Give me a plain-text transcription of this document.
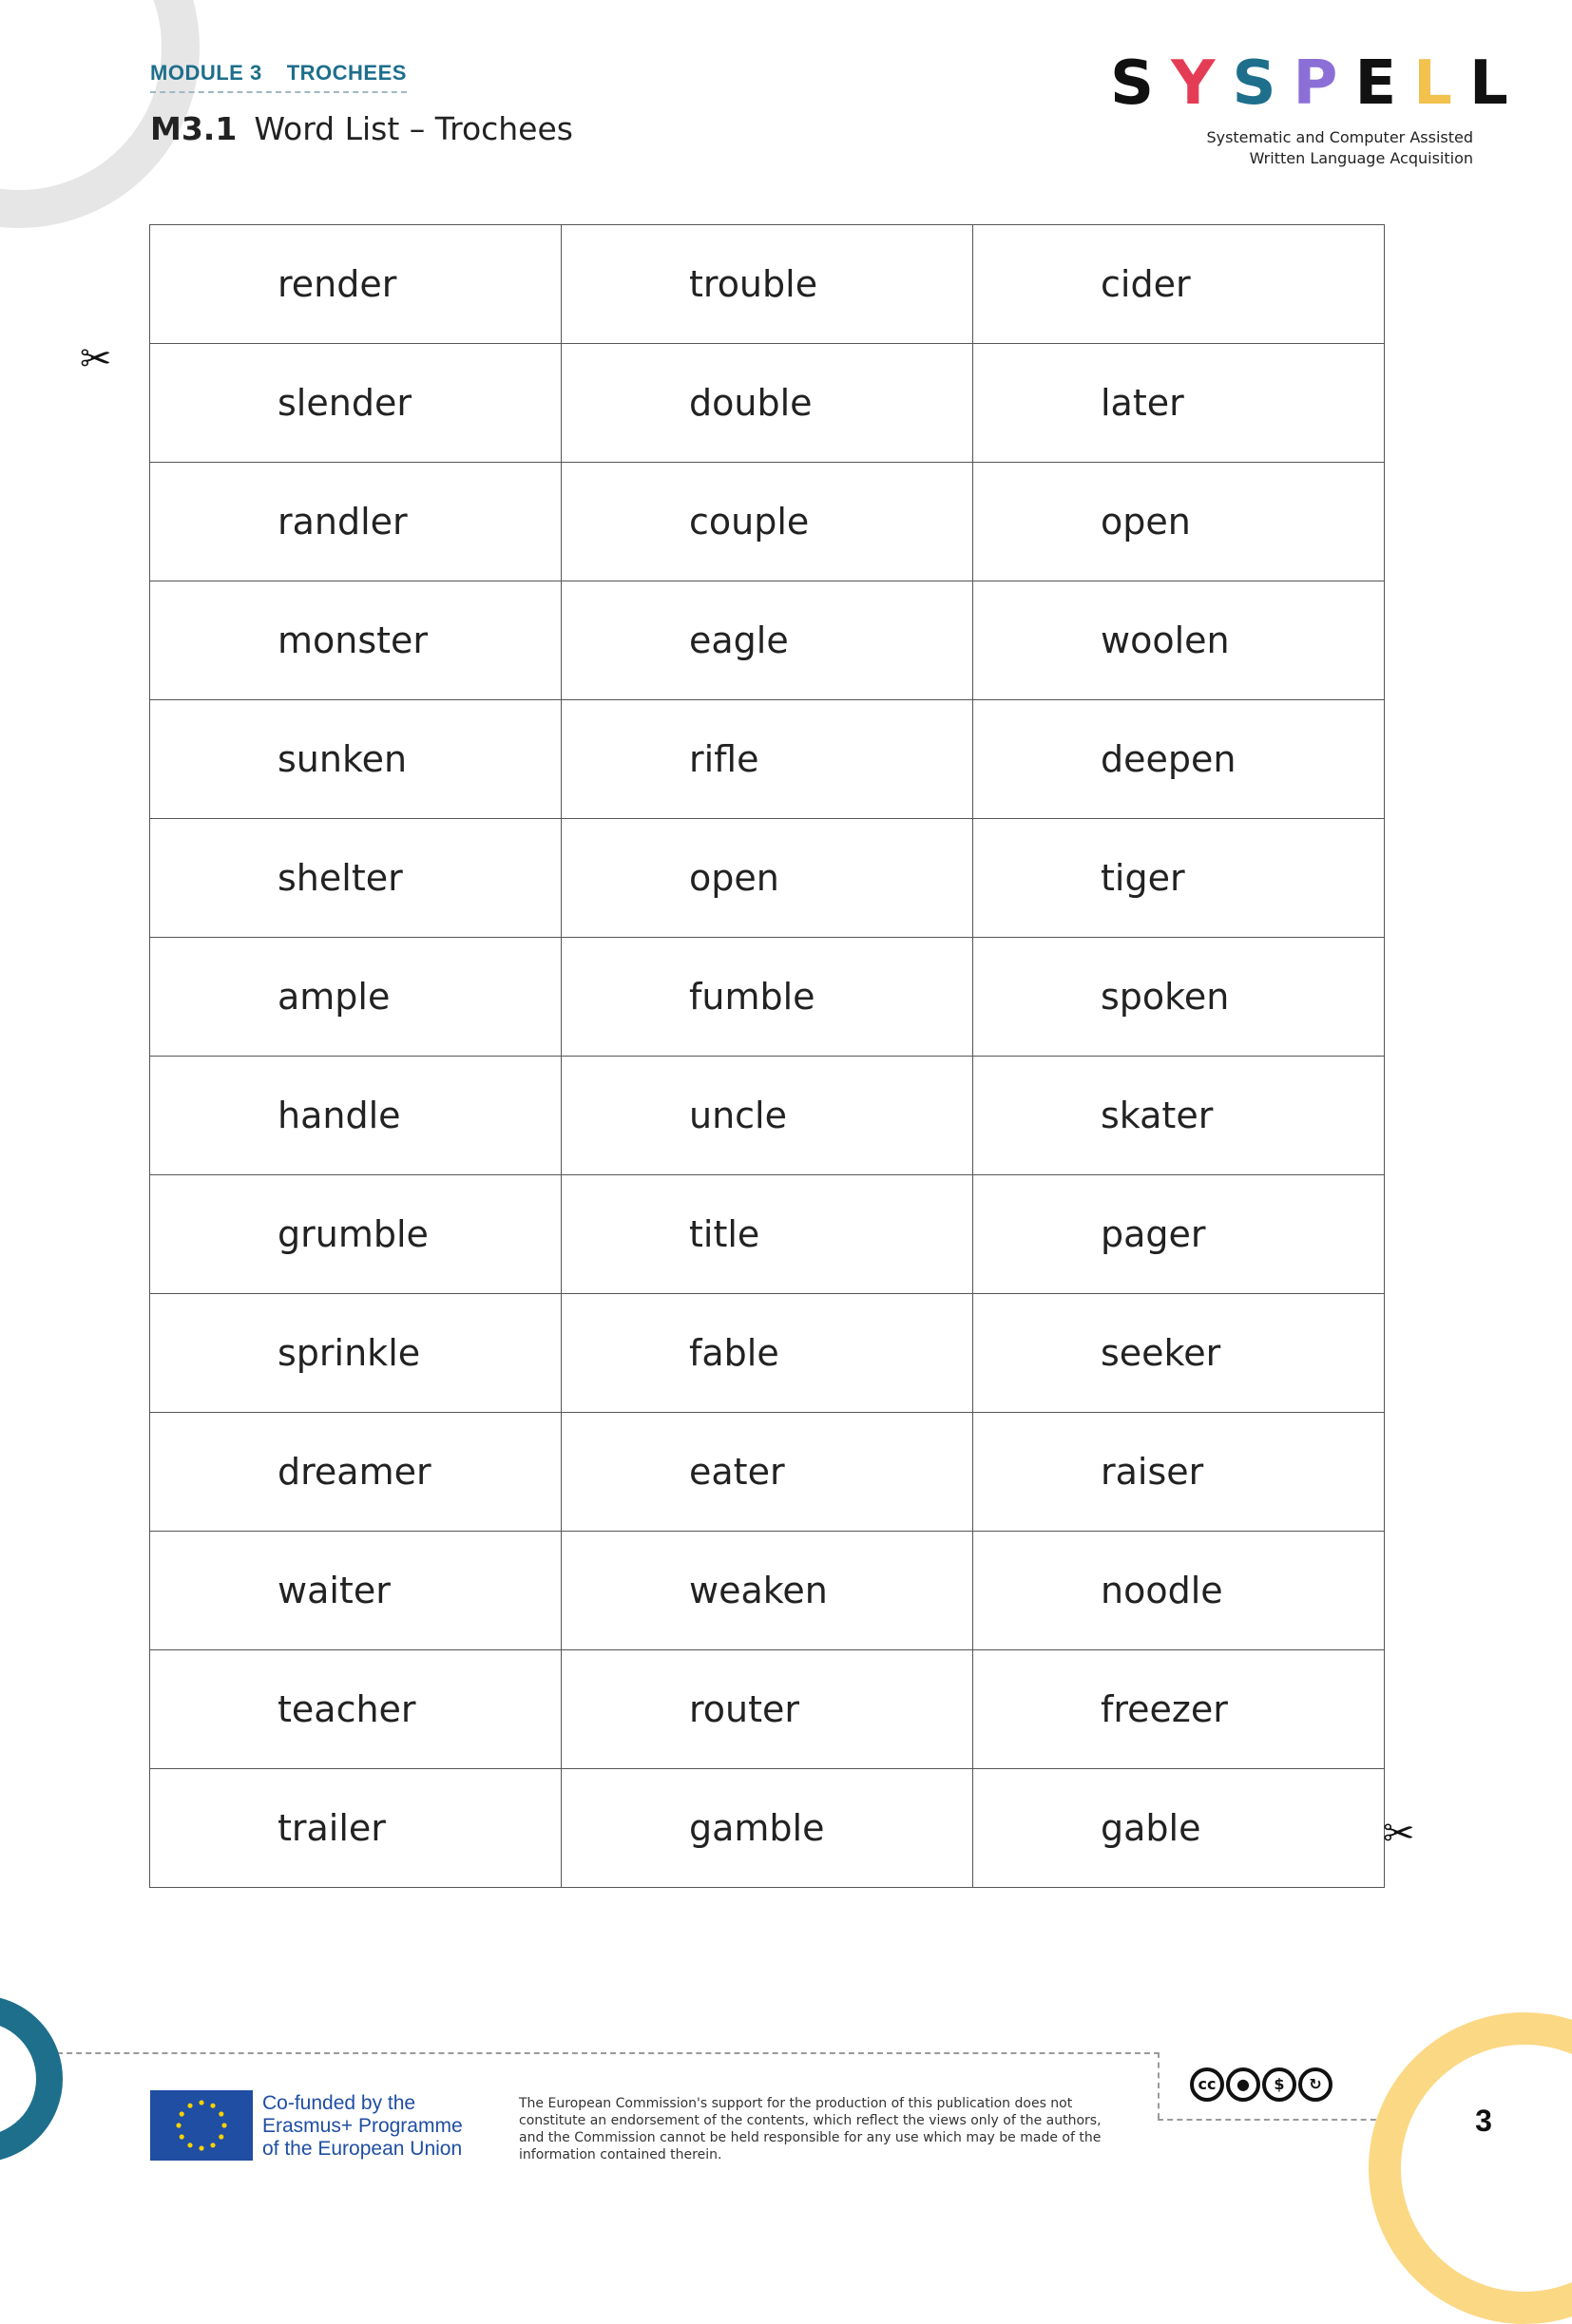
MODULE 3 TROCHEES
M3.1 Word List – Trochees
SYSPELL
Systematic and Computer Assisted
Written Language Acquisition
✂
render	trouble	cider
slender	double	later
randler	couple	open
monster	eagle	woolen
sunken	rifle	deepen
shelter	open	tiger
ample	fumble	spoken
handle	uncle	skater
grumble	title	pager
sprinkle	fable	seeker
dreamer	eater	raiser
waiter	weaken	noodle
teacher	router	freezer
trailer	gamble	gable	✂
Co-funded by the
Erasmus+ Programme
of the European Union
The European Commission's support for the production of this publication does not constitute an endorsement of the contents, which reflect the views only of the authors, and the Commission cannot be held responsible for any use which may be made of the information contained therein.
cc	●	$	↻
3
